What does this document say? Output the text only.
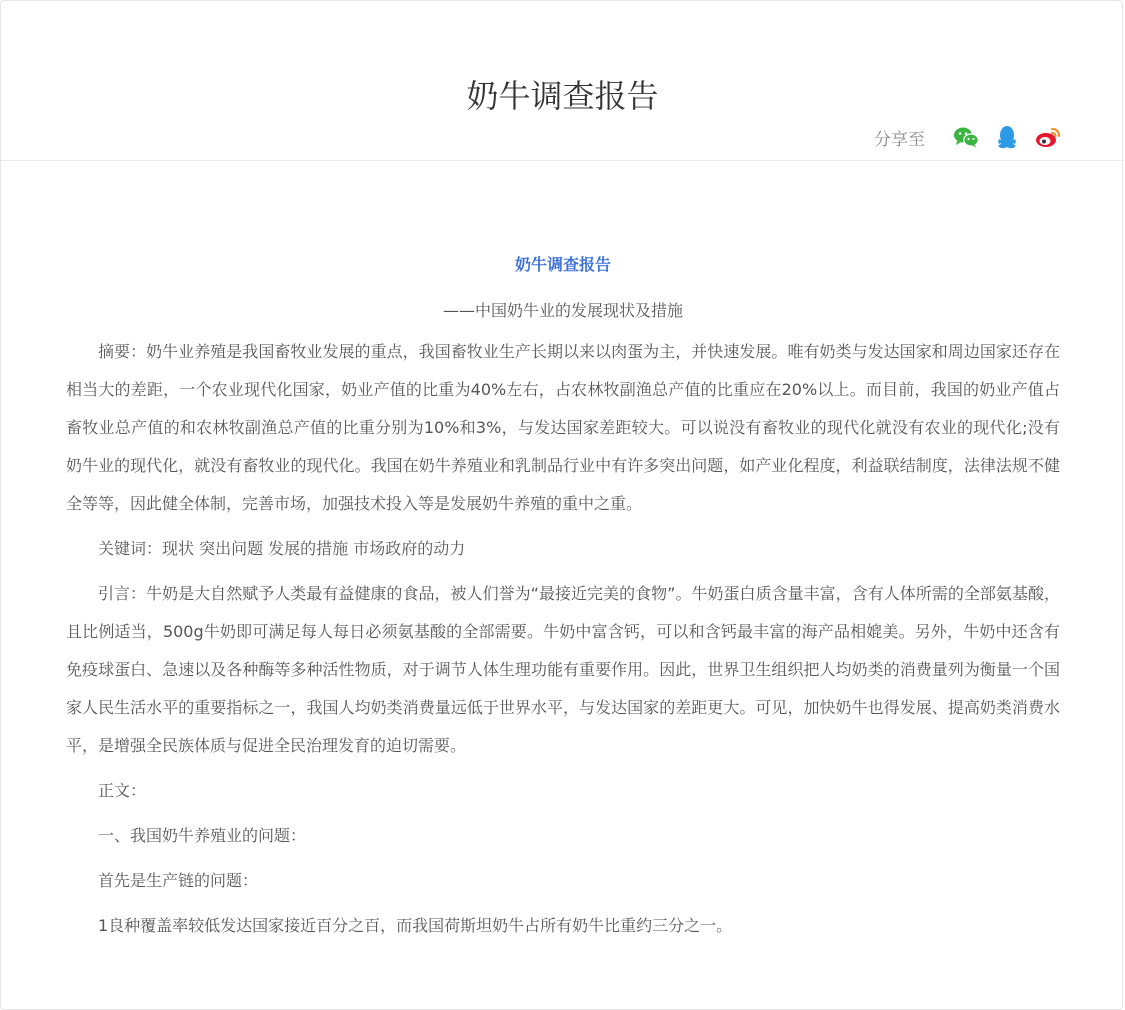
奶牛调查报告
分享至

奶牛调查报告

——中国奶牛业的发展现状及措施

摘要：奶牛业养殖是我国畜牧业发展的重点，我国畜牧业生产长期以来以肉蛋为主，并快速发展。唯有奶类与发达国家和周边国家还存在相当大的差距，一个农业现代化国家，奶业产值的比重为40%左右，占农林牧副渔总产值的比重应在20%以上。而目前，我国的奶业产值占畜牧业总产值的和农林牧副渔总产值的比重分别为10%和3%，与发达国家差距较大。可以说没有畜牧业的现代化就没有农业的现代化;没有奶牛业的现代化，就没有畜牧业的现代化。我国在奶牛养殖业和乳制品行业中有许多突出问题，如产业化程度，利益联结制度，法律法规不健全等等，因此健全体制，完善市场，加强技术投入等是发展奶牛养殖的重中之重。

关键词：现状 突出问题 发展的措施 市场政府的动力

引言：牛奶是大自然赋予人类最有益健康的食品，被人们誉为“最接近完美的食物”。牛奶蛋白质含量丰富，含有人体所需的全部氨基酸，且比例适当，500g牛奶即可满足每人每日必须氨基酸的全部需要。牛奶中富含钙，可以和含钙最丰富的海产品相媲美。另外，牛奶中还含有免疫球蛋白、急速以及各种酶等多种活性物质，对于调节人体生理功能有重要作用。因此，世界卫生组织把人均奶类的消费量列为衡量一个国家人民生活水平的重要指标之一，我国人均奶类消费量远低于世界水平，与发达国家的差距更大。可见，加快奶牛也得发展、提高奶类消费水平，是增强全民族体质与促进全民治理发育的迫切需要。

正文：

一、我国奶牛养殖业的问题：

首先是生产链的问题：

1良种覆盖率较低发达国家接近百分之百，而我国荷斯坦奶牛占所有奶牛比重约三分之一。
